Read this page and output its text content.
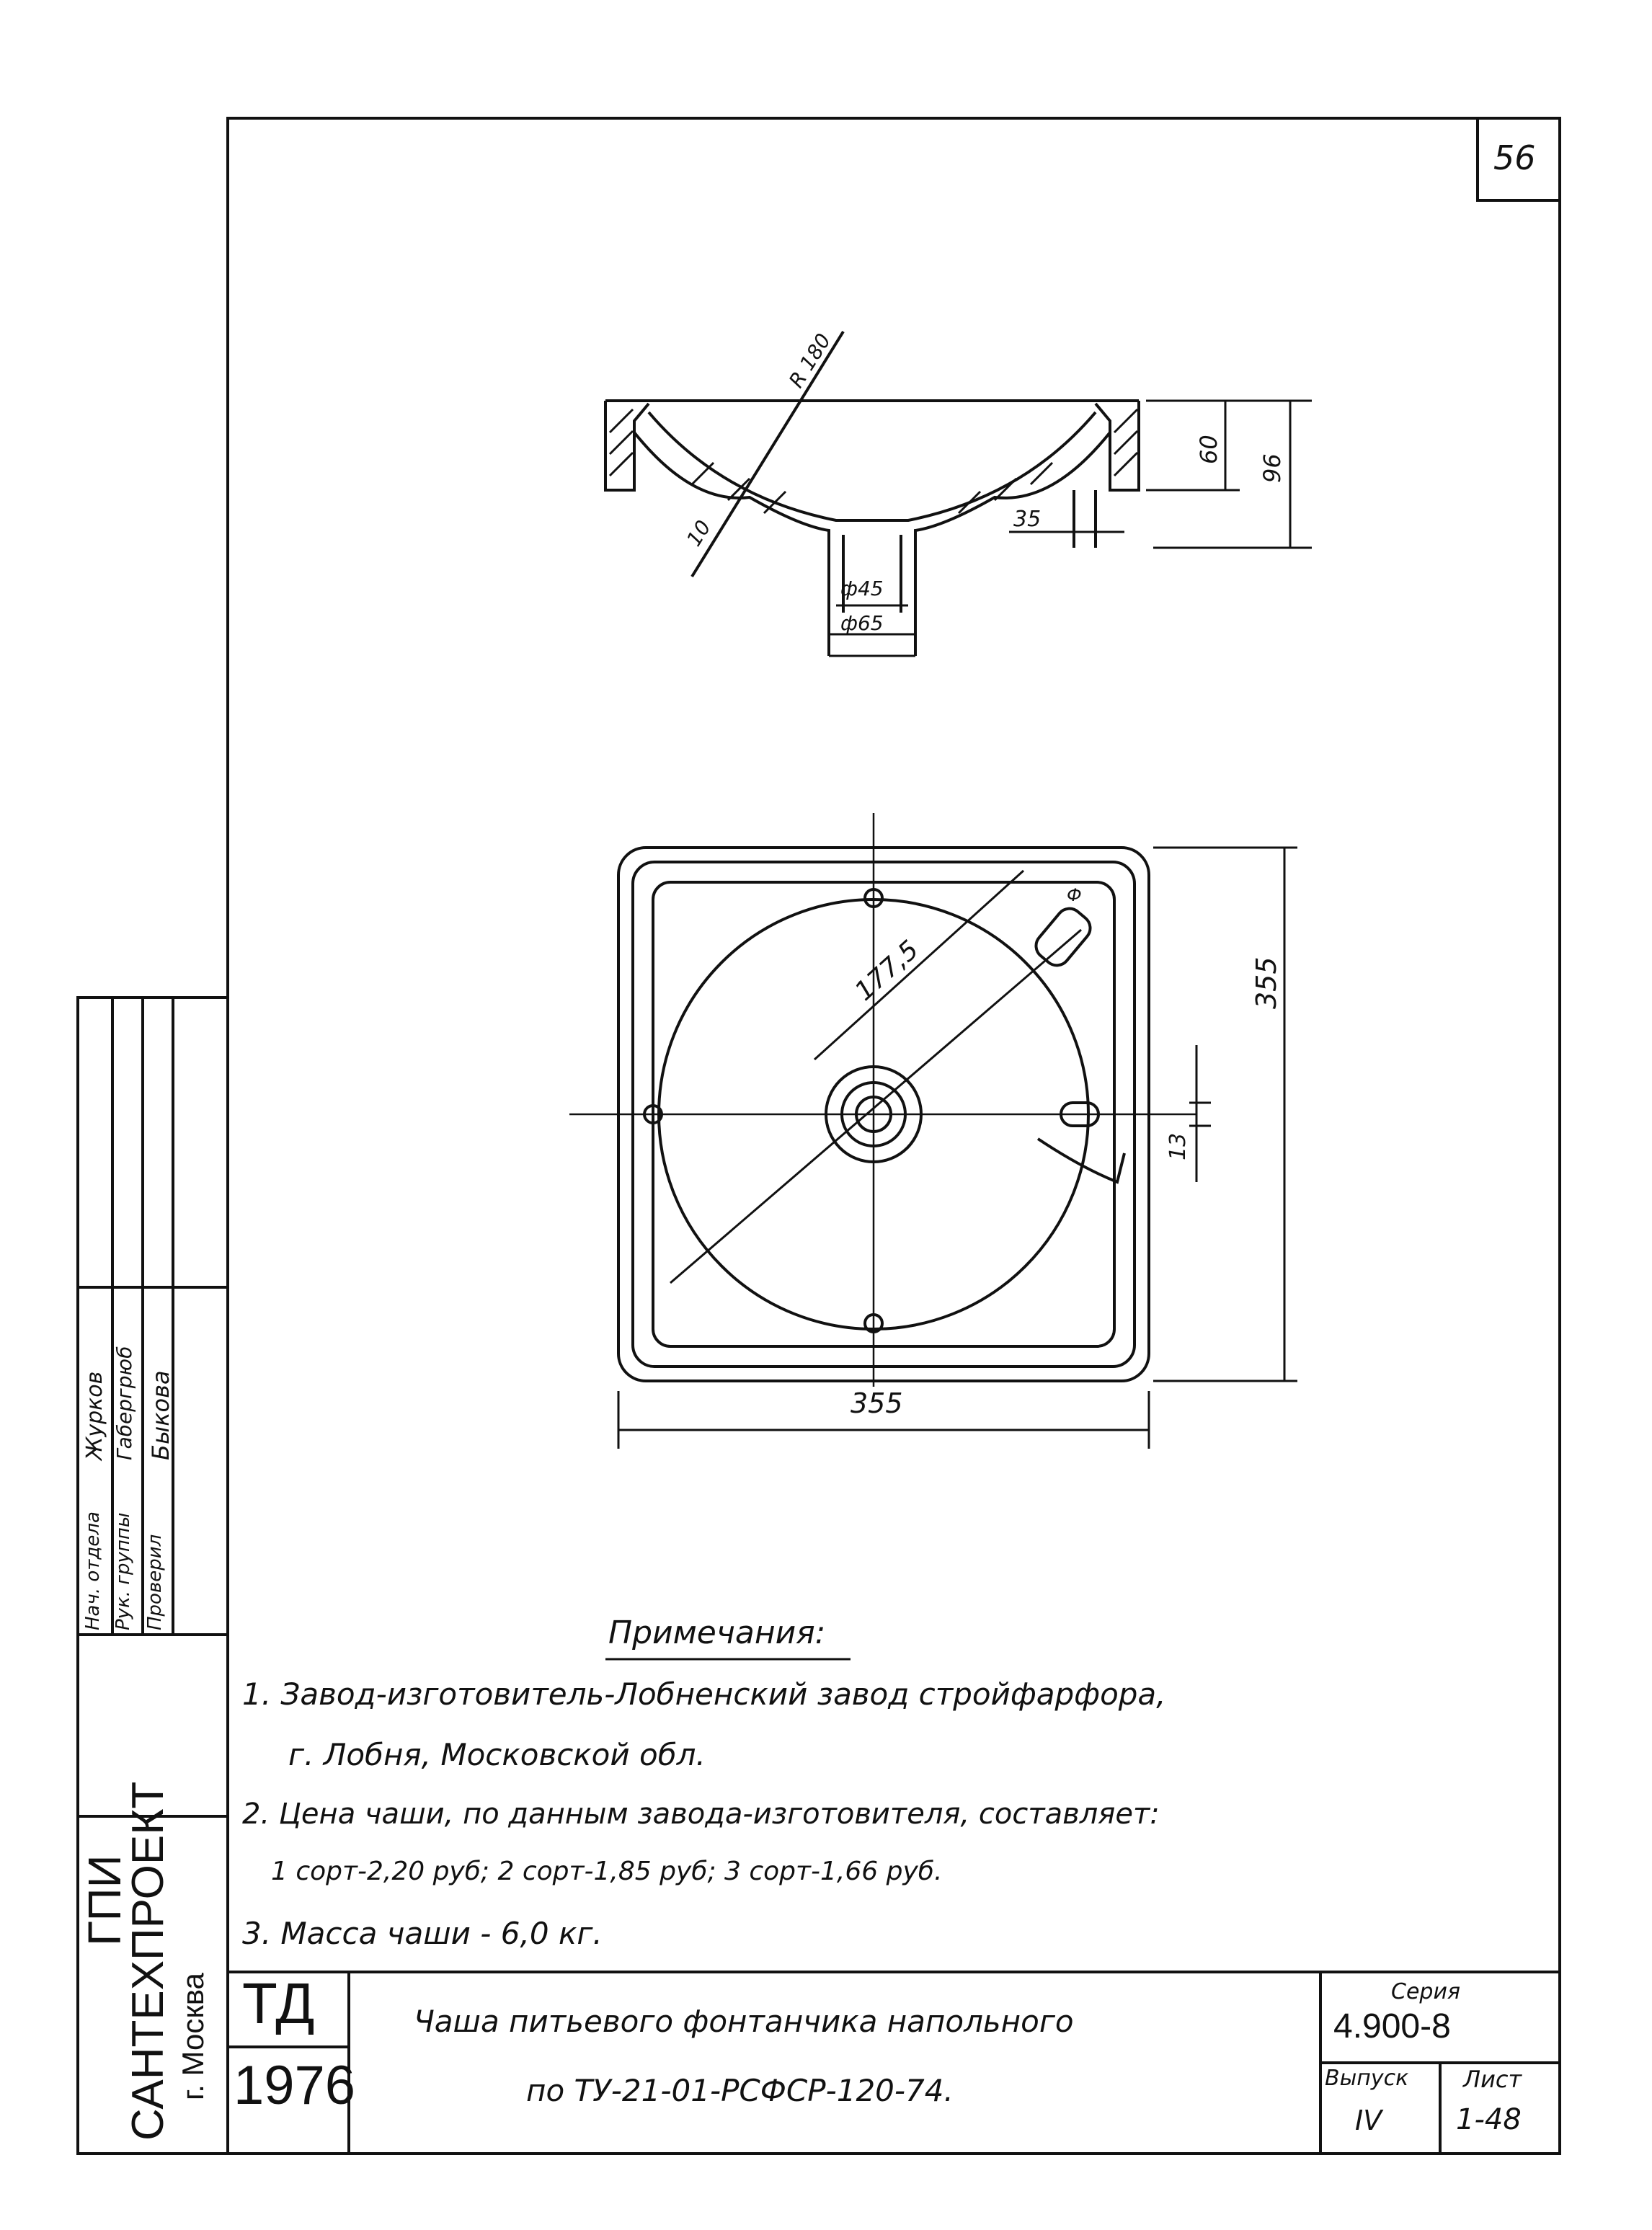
R 180
10
60
96
35
ф45
ф65
177,5	355
355
13
Ф
56
Примечания:
1. Завод-изготовитель-Лобненский завод стройфарфора,
г. Лобня, Московской обл.
2. Цена чаши, по данным завода-изготовителя, составляет:
1 сорт-2,20 руб; 2 сорт-1,85 руб; 3 сорт-1,66 руб.
3. Масса чаши - 6,0 кг.
Нач. отдела Рук. группы Проверил
Журков Габергрюб Быкова
ГПИ
САНТЕХПРОЕКТ г. Москва ТД
1976
Чаша питьевого фонтанчика напольного
по ТУ-21-01-РСФСР-120-74.
Серия
4.900-8
Выпуск
IV
Лист
1-48
